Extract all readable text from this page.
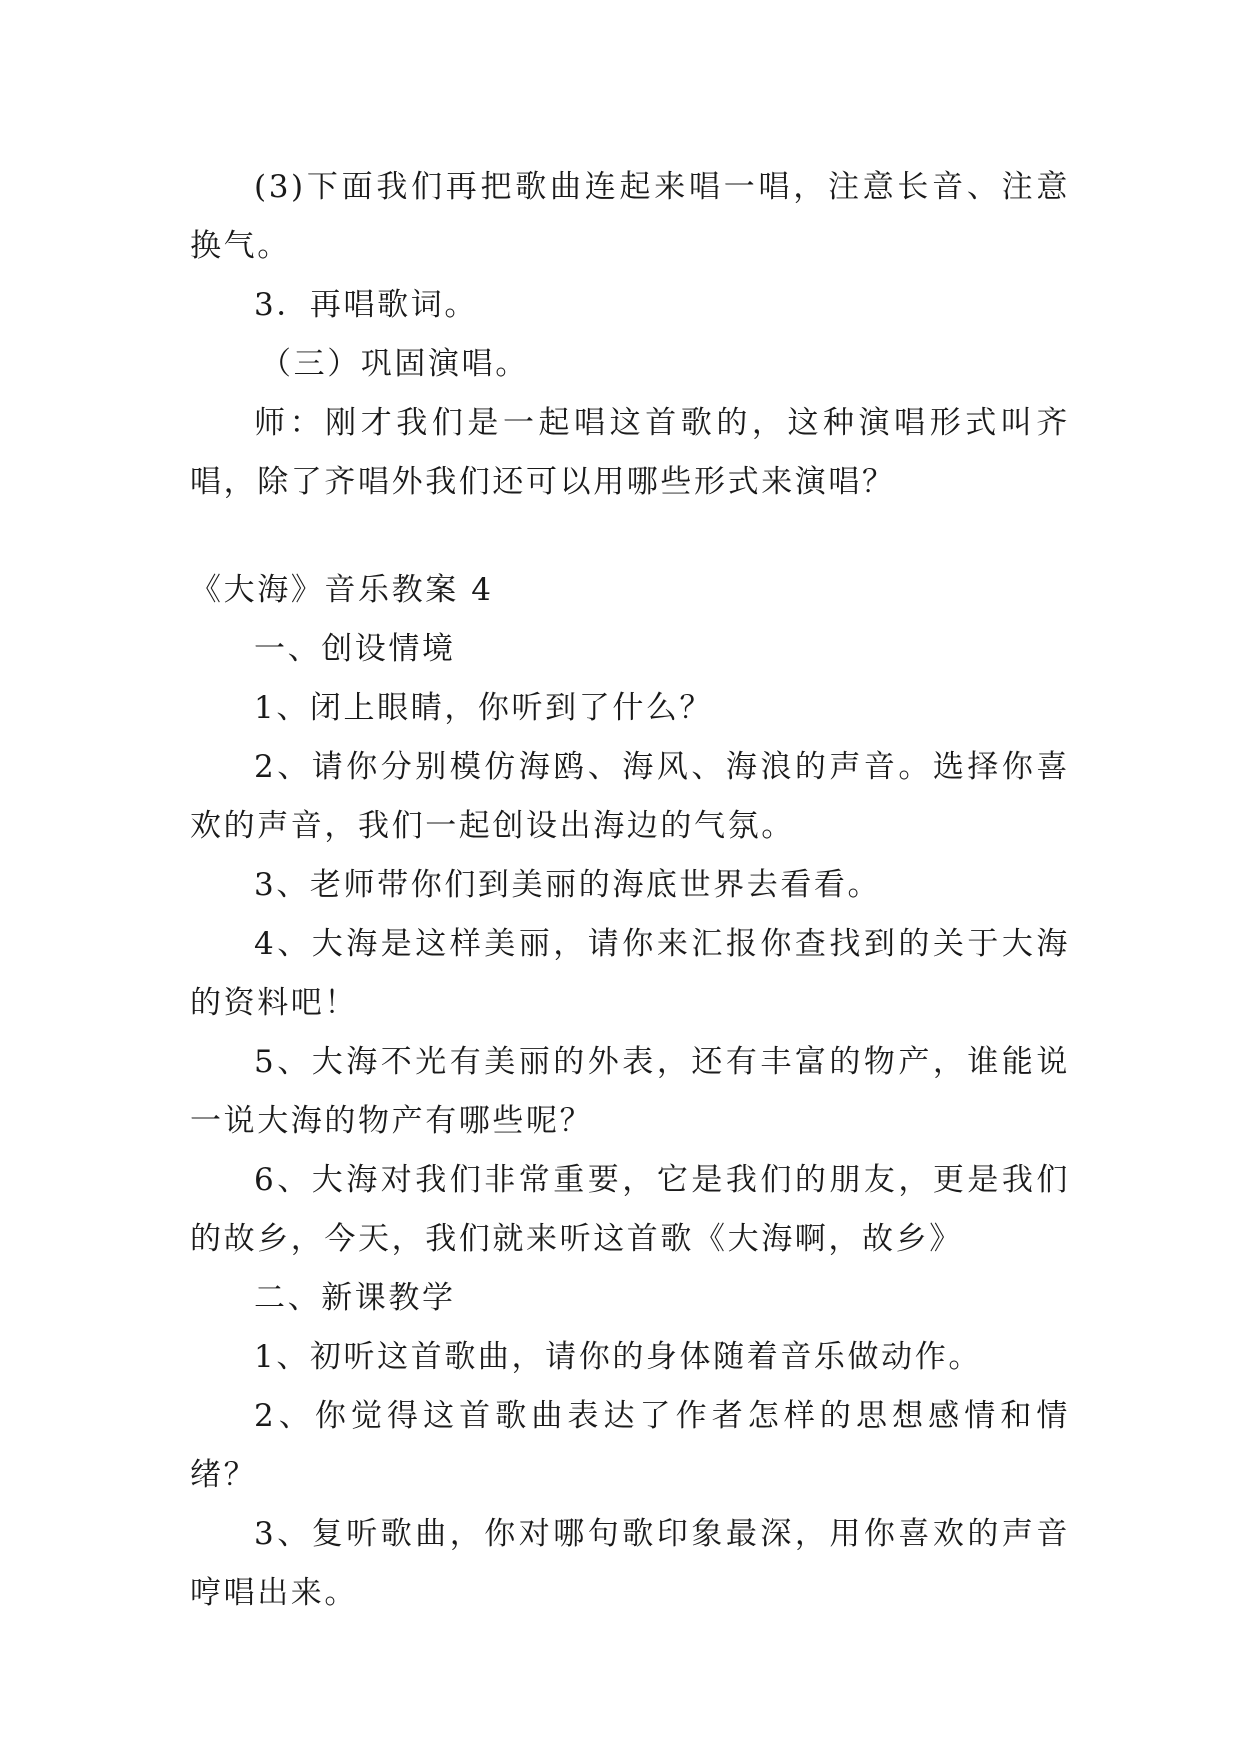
(3)下面我们再把歌曲连起来唱一唱，注意长音、注意换气。

3．再唱歌词。

（三）巩固演唱。

师：刚才我们是一起唱这首歌的，这种演唱形式叫齐唱，除了齐唱外我们还可以用哪些形式来演唱？

《大海》音乐教案 4

一、创设情境

1、闭上眼睛，你听到了什么？

2、请你分别模仿海鸥、海风、海浪的声音。选择你喜欢的声音，我们一起创设出海边的气氛。

3、老师带你们到美丽的海底世界去看看。

4、大海是这样美丽，请你来汇报你查找到的关于大海的资料吧！

5、大海不光有美丽的外表，还有丰富的物产，谁能说一说大海的物产有哪些呢？

6、大海对我们非常重要，它是我们的朋友，更是我们的故乡，今天，我们就来听这首歌《大海啊，故乡》

二、新课教学

1、初听这首歌曲，请你的身体随着音乐做动作。

2、你觉得这首歌曲表达了作者怎样的思想感情和情绪？

3、复听歌曲，你对哪句歌印象最深，用你喜欢的声音哼唱出来。
